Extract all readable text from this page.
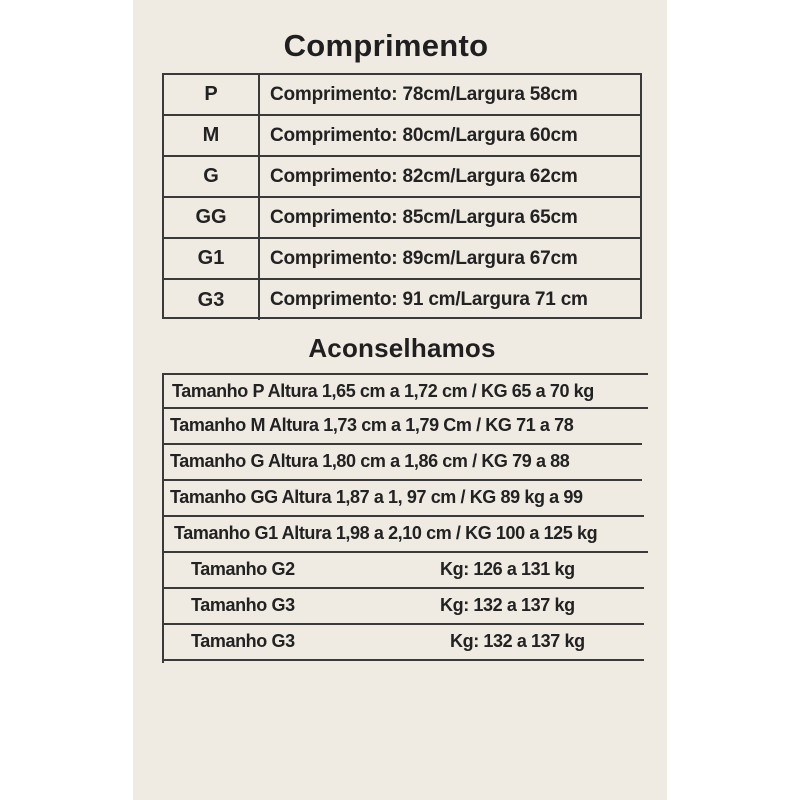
Comprimento
P	Comprimento: 78cm/Largura 58cm
M	Comprimento: 80cm/Largura 60cm
G	Comprimento: 82cm/Largura 62cm
GG	Comprimento: 85cm/Largura 65cm
G1	Comprimento: 89cm/Largura 67cm
G3	Comprimento: 91 cm/Largura 71 cm
Aconselhamos
Tamanho P Altura 1,65 cm a 1,72 cm / KG 65 a 70 kg
Tamanho M Altura 1,73 cm a 1,79 Cm / KG 71 a 78
Tamanho G Altura 1,80 cm a 1,86 cm / KG 79 a 88
Tamanho GG Altura 1,87 a 1, 97 cm / KG 89 kg a 99
Tamanho G1 Altura 1,98 a 2,10 cm / KG 100 a 125 kg
Tamanho G2	Kg: 126 a 131 kg
Tamanho G3	Kg: 132 a 137 kg
Tamanho G3	Kg: 132 a 137 kg
